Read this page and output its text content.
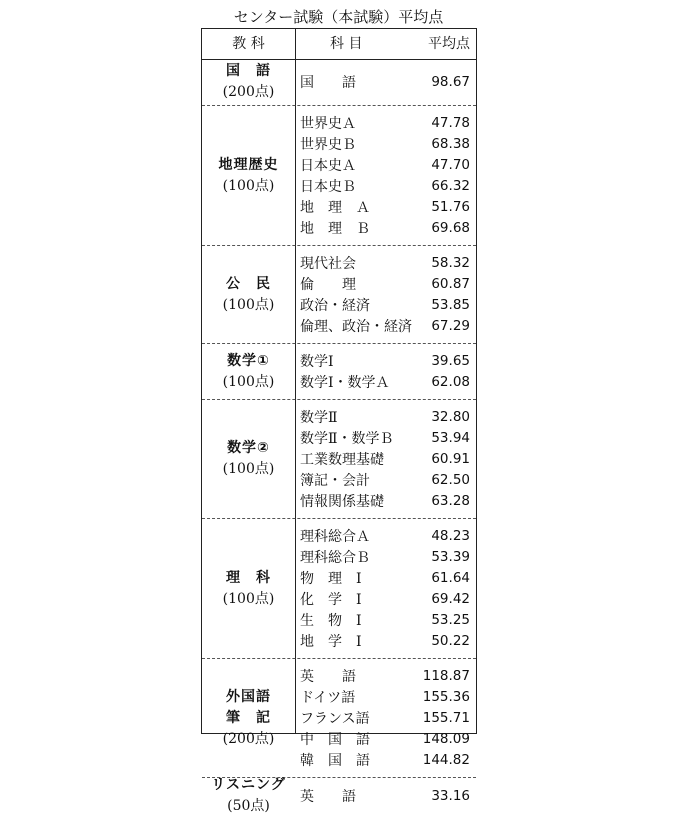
センター試験（本試験）平均点
教 科	科 目	平均点
国　語
(200点)
国　　語	98.67
地理歴史
(100点)
世界史Ａ	47.78
世界史Ｂ	68.38
日本史Ａ	47.70
日本史Ｂ	66.32
地　理　Ａ	51.76
地　理　Ｂ	69.68
公　民
(100点)
現代社会	58.32
倫　　理	60.87
政治・経済	53.85
倫理、政治・経済 67.29
数学①
(100点)
数学Ⅰ	39.65
数学Ⅰ・数学Ａ	62.08
数学②
(100点)
数学Ⅱ	32.80
数学Ⅱ・数学Ｂ	53.94
工業数理基礎	60.91
簿記・会計	62.50
情報関係基礎	63.28
理　科
(100点)
理科総合Ａ	48.23
理科総合Ｂ	53.39
物　理　Ⅰ	61.64
化　学　Ⅰ	69.42
生　物　Ⅰ	53.25
地　学　Ⅰ	50.22
外国語
筆　記
(200点)
英　　語	118.87
ドイツ語	155.36
フランス語	155.71
中　国　語	148.09
韓　国　語	144.82
リスニング
(50点)
英　　語	33.16
